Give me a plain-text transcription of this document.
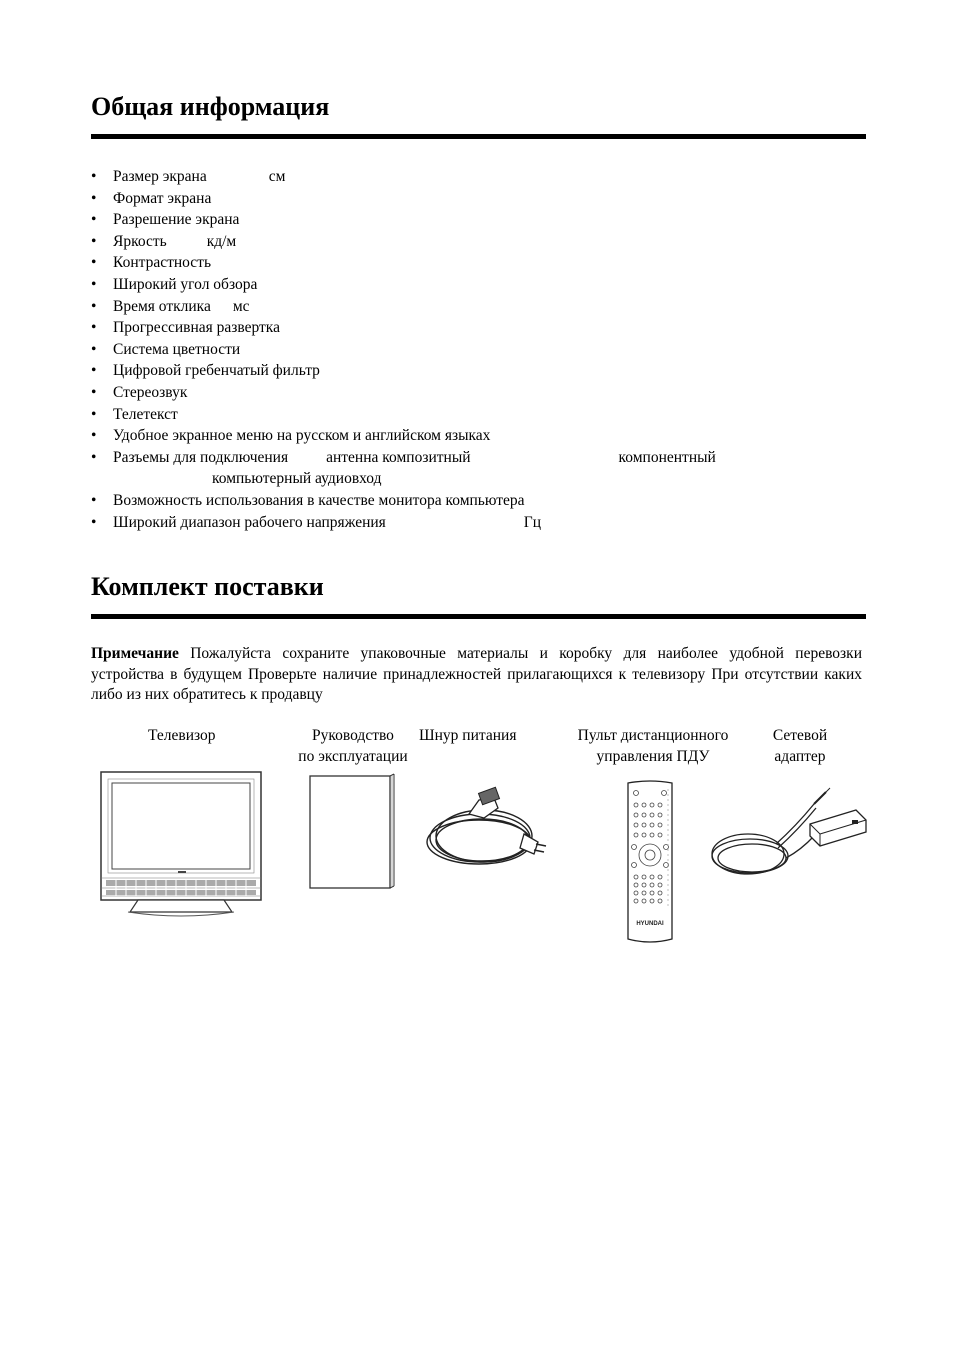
Общая информация
• Размер экрана	см
• Формат экрана
• Разрешение экрана
• Яркость	кд/м
• Контрастность
• Широкий угол обзора
• Время отклика мс
• Прогрессивная развертка
• Система цветности
• Цифровой гребенчатый фильтр
• Стереозвук
• Телетекст
• Удобное экранное меню на русском и английском языках
• Разъемы для подключения антенна композитный	компонентный
компьютерный аудиовход
• Возможность использования в качестве монитора компьютера
• Широкий диапазон рабочего напряжения	Гц
Комплект поставки

Примечание Пожалуйста сохраните упаковочные материалы и коробку для наиболее удобной перевозки устройства в будущем Проверьте наличие принадлежностей прилагающихся к телевизору При отсутствии каких либо из них обратитесь к продавцу

Телевизор	Руководство
по эксплуатации
Шнур питания	Пульт дистанционного
управления ПДУ
Сетевой
адаптер
HYUNDAI
